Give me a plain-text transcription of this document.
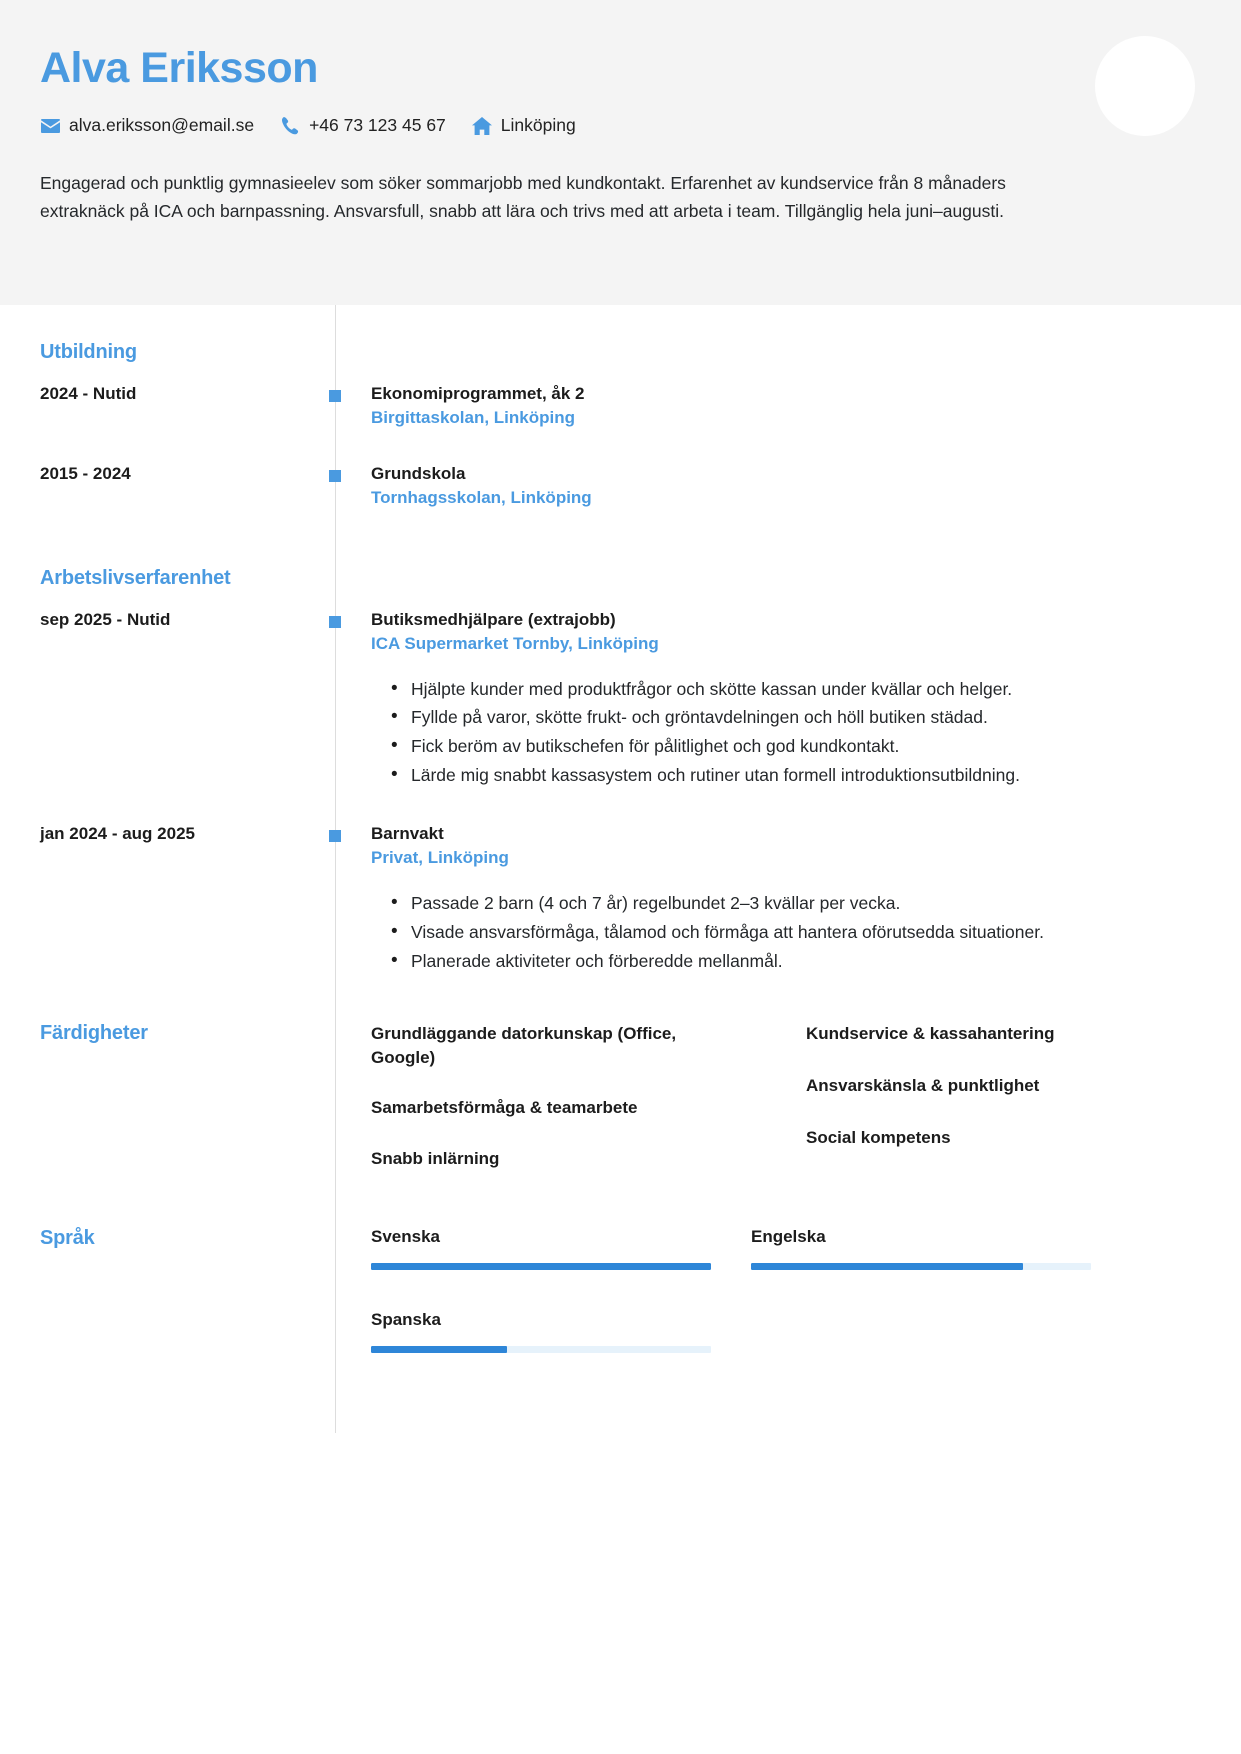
Alva Eriksson
alva.eriksson@email.se	+46 73 123 45 67	Linköping
Engagerad och punktlig gymnasieelev som söker sommarjobb med kundkontakt. Erfarenhet av kundservice från 8 månaders extraknäck på ICA och barnpassning. Ansvarsfull, snabb att lära och trivs med att arbeta i team. Tillgänglig hela juni–augusti.
Utbildning
2024 - Nutid	Ekonomiprogrammet, åk 2
Birgittaskolan, Linköping
2015 - 2024	Grundskola
Tornhagsskolan, Linköping
Arbetslivserfarenhet
sep 2025 - Nutid	Butiksmedhjälpare (extrajobb)
ICA Supermarket Tornby, Linköping
• Hjälpte kunder med produktfrågor och skötte kassan under kvällar och helger.
• Fyllde på varor, skötte frukt- och gröntavdelningen och höll butiken städad.
• Fick beröm av butikschefen för pålitlighet och god kundkontakt.
• Lärde mig snabbt kassasystem och rutiner utan formell introduktionsutbildning.
jan 2024 - aug 2025	Barnvakt
Privat, Linköping
• Passade 2 barn (4 och 7 år) regelbundet 2–3 kvällar per vecka.
• Visade ansvarsförmåga, tålamod och förmåga att hantera oförutsedda situationer.
• Planerade aktiviteter och förberedde mellanmål.
Färdigheter	Grundläggande datorkunskap (Office, Google)
Samarbetsförmåga & teamarbete
Snabb inlärning
Kundservice & kassahantering
Ansvarskänsla & punktlighet
Social kompetens
Språk	Svenska
Spanska
Engelska
